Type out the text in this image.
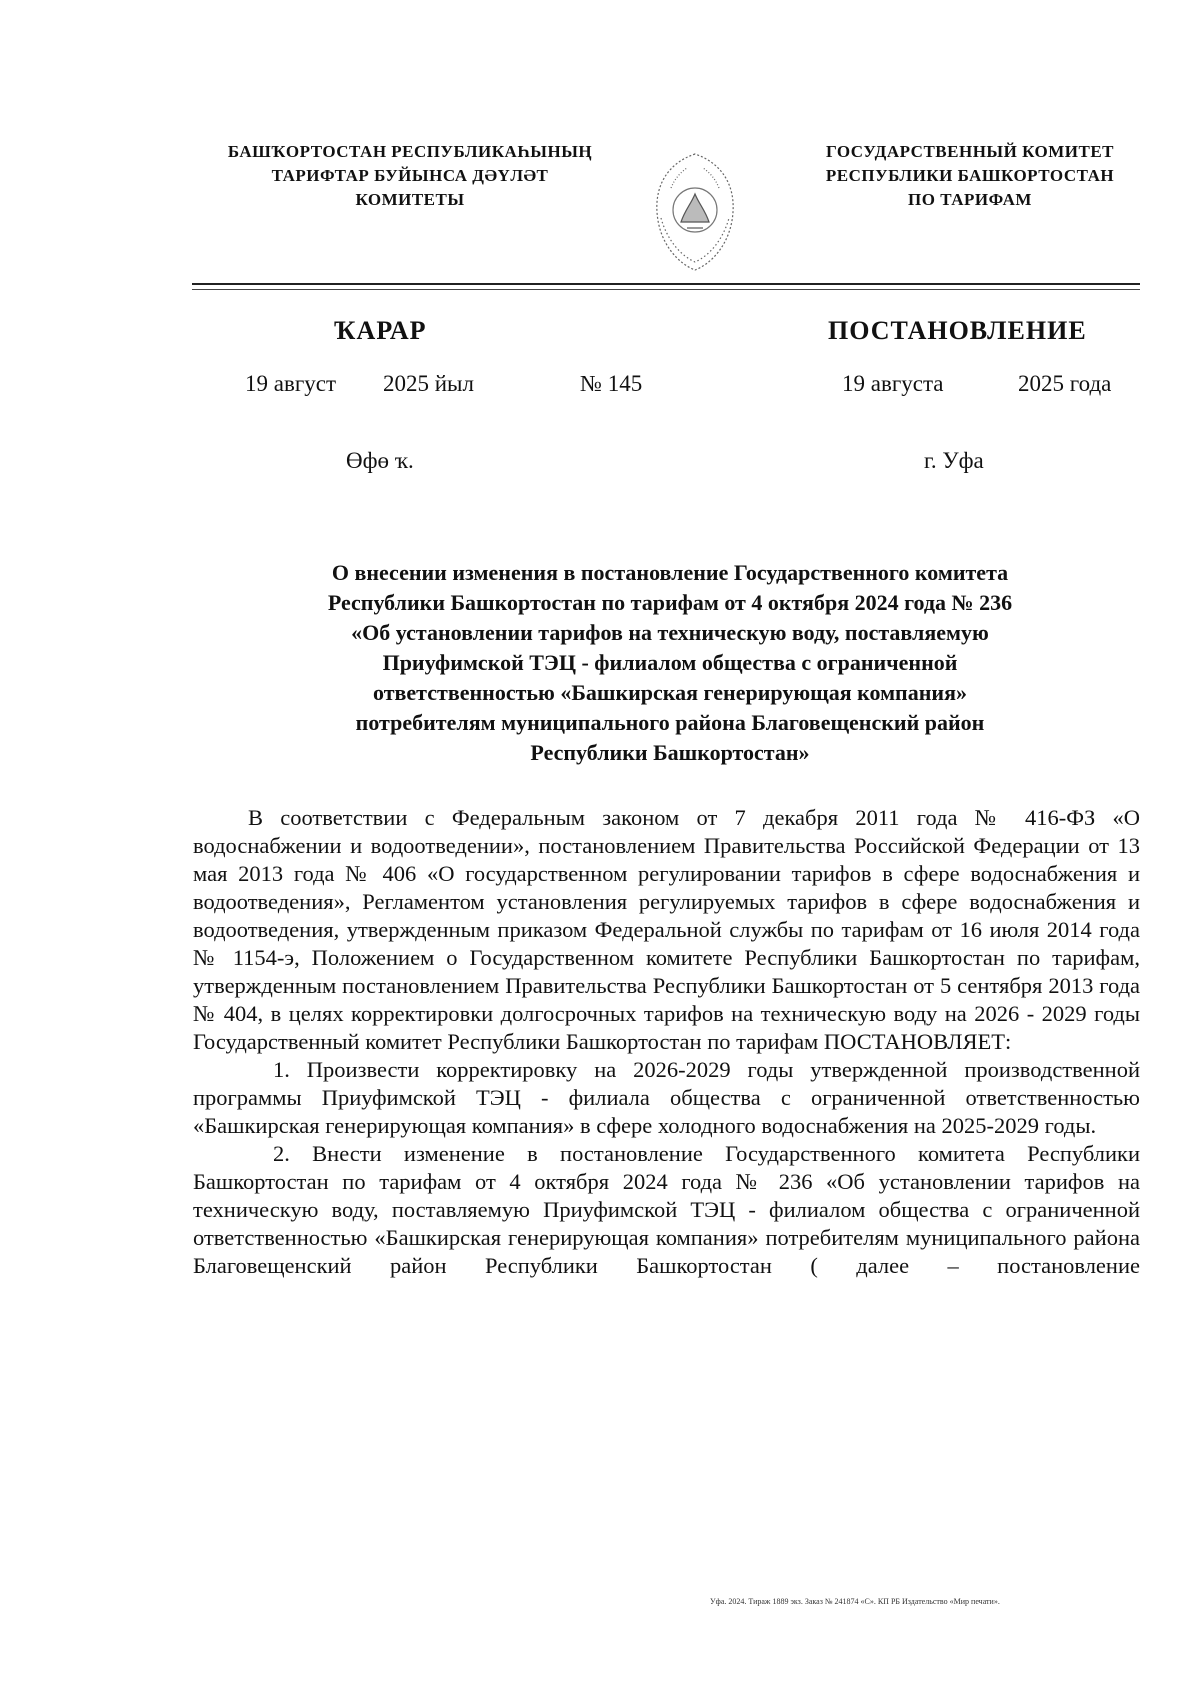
БАШҠОРТОСТАН РЕСПУБЛИКАҺЫНЫҢ
ТАРИФТАР БУЙЫНСА ДӘҮЛӘТ
КОМИТЕТЫ
ГОСУДАРСТВЕННЫЙ КОМИТЕТ
РЕСПУБЛИКИ БАШКОРТОСТАН
ПО ТАРИФАМ
ҠАРАР	ПОСТАНОВЛЕНИЕ
19 август 2025 йыл	№ 145	19 августа	2025 года
Өфө ҡ.	г. Уфа
О внесении изменения в постановление Государственного комитета
Республики Башкортостан по тарифам от 4 октября 2024 года № 236
«Об установлении тарифов на техническую воду, поставляемую
Приуфимской ТЭЦ - филиалом общества с ограниченной
ответственностью «Башкирская генерирующая компания»
потребителям муниципального района Благовещенский район
Республики Башкортостан»

В соответствии с Федеральным законом от 7 декабря 2011 года № 416-ФЗ «О водоснабжении и водоотведении», постановлением Правительства Российской Федерации от 13 мая 2013 года № 406 «О государственном регулировании тарифов в сфере водоснабжения и водоотведения», Регламентом установления регулируемых тарифов в сфере водоснабжения и водоотведения, утвержденным приказом Федеральной службы по тарифам от 16 июля 2014 года № 1154-э, Положением о Государственном комитете Республики Башкортостан по тарифам, утвержденным постановлением Правительства Республики Башкортостан от 5 сентября 2013 года № 404, в целях корректировки долгосрочных тарифов на техническую воду на 2026 - 2029 годы Государственный комитет Республики Башкортостан по тарифам ПОСТАНОВЛЯЕТ:

1. Произвести корректировку на 2026-2029 годы утвержденной производственной программы Приуфимской ТЭЦ - филиала общества с ограниченной ответственностью «Башкирская генерирующая компания» в сфере холодного водоснабжения на 2025-2029 годы.

2. Внести изменение в постановление Государственного комитета Республики Башкортостан по тарифам от 4 октября 2024 года № 236 «Об установлении тарифов на техническую воду, поставляемую Приуфимской ТЭЦ - филиалом общества с ограниченной ответственностью «Башкирская генерирующая компания» потребителям муниципального района Благовещенский район Республики Башкортостан ( далее – постановление

Уфа. 2024. Тираж 1889 экз. Заказ № 241874 «С». КП РБ Издательство «Мир печати».
